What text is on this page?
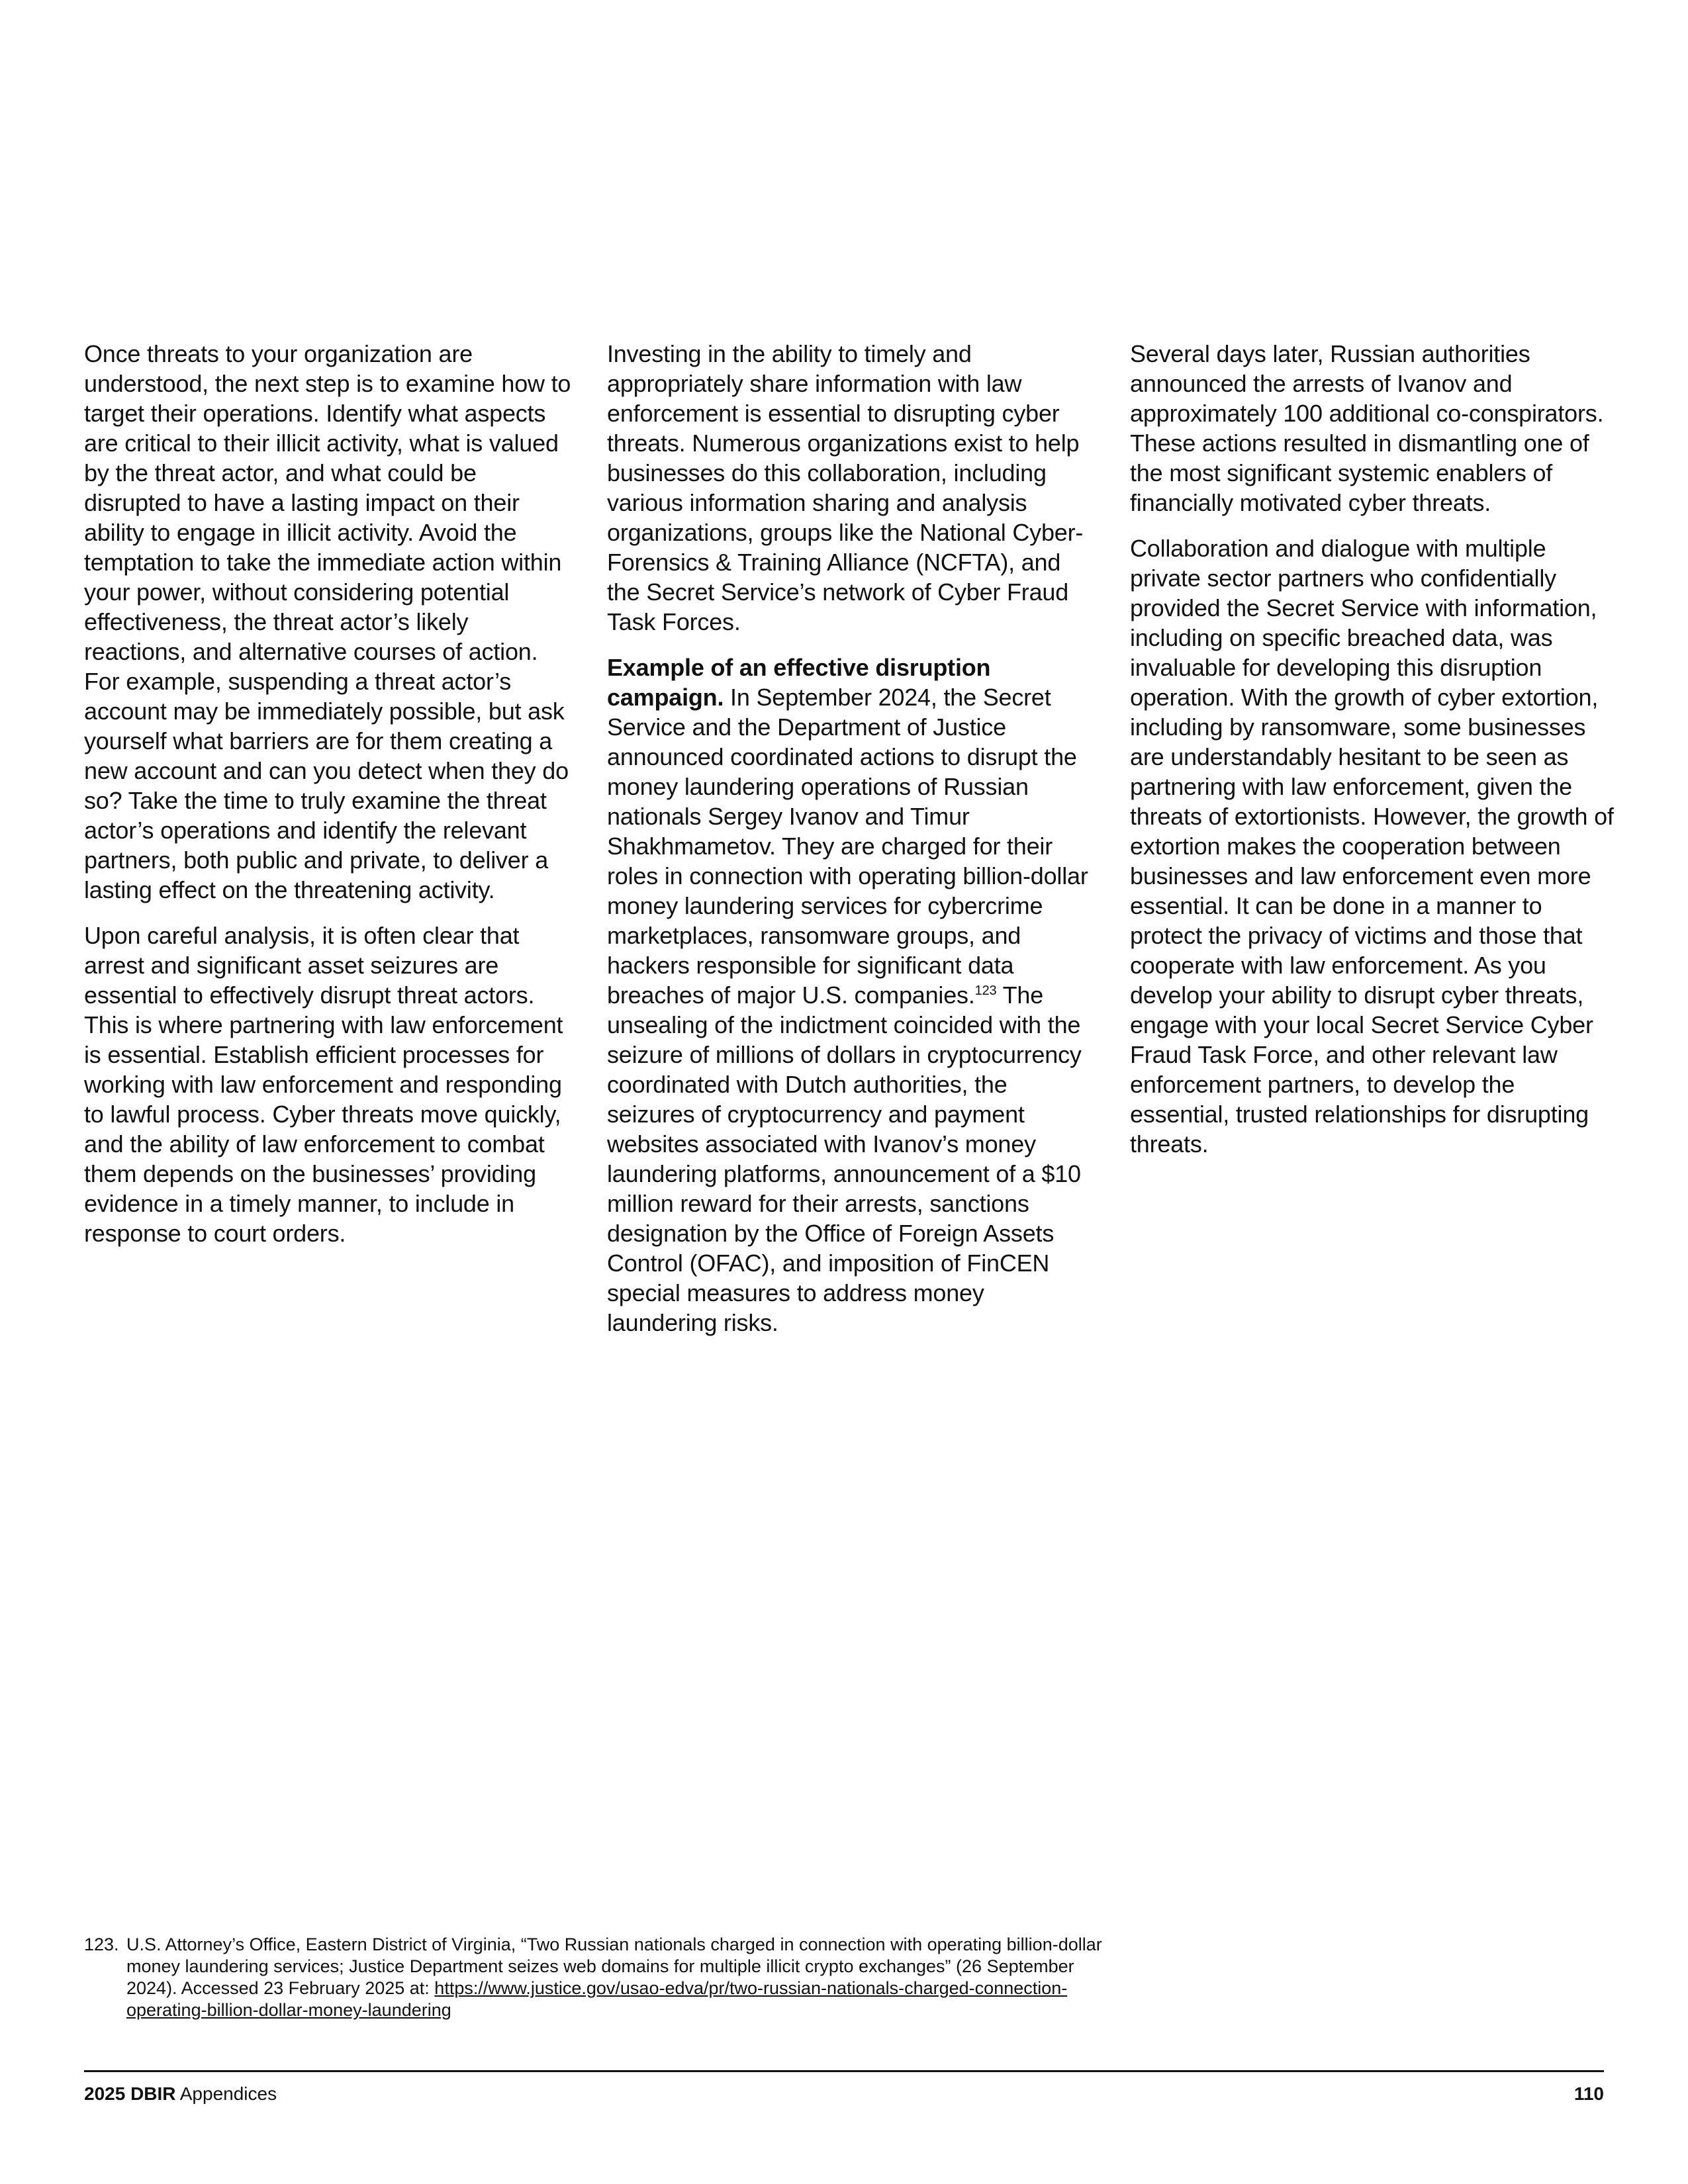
Once threats to your organization are understood, the next step is to examine how to target their operations. Identify what aspects are critical to their illicit activity, what is valued by the threat actor, and what could be disrupted to have a lasting impact on their ability to engage in illicit activity. Avoid the temptation to take the immediate action within your power, without considering potential effectiveness, the threat actor’s likely reactions, and alternative courses of action. For example, suspending a threat actor’s account may be immediately possible, but ask yourself what barriers are for them creating a new account and can you detect when they do so? Take the time to truly examine the threat actor’s operations and identify the relevant partners, both public and private, to deliver a lasting effect on the threatening activity.

Upon careful analysis, it is often clear that arrest and significant asset seizures are essential to effectively disrupt threat actors. This is where partnering with law enforcement is essential. Establish efficient processes for working with law enforcement and responding to lawful process. Cyber threats move quickly, and the ability of law enforcement to combat them depends on the businesses’ providing evidence in a timely manner, to include in response to court orders.

Investing in the ability to timely and appropriately share information with law enforcement is essential to disrupting cyber threats. Numerous organizations exist to help businesses do this collaboration, including various information sharing and analysis organizations, groups like the National Cyber-Forensics & Training Alliance (NCFTA), and the Secret Service’s network of Cyber Fraud Task Forces.

Example of an effective disruption campaign. In September 2024, the Secret Service and the Department of Justice announced coordinated actions to disrupt the money laundering operations of Russian nationals Sergey Ivanov and Timur Shakhmametov. They are charged for their roles in connection with operating billion-dollar money laundering services for cybercrime marketplaces, ransomware groups, and hackers responsible for significant data breaches of major U.S. companies.$^{123}$ The unsealing of the indictment coincided with the seizure of millions of dollars in cryptocurrency coordinated with Dutch authorities, the seizures of cryptocurrency and payment websites associated with Ivanov’s money laundering platforms, announcement of a $10 million reward for their arrests, sanctions designation by the Office of Foreign Assets Control (OFAC), and imposition of FinCEN special measures to address money laundering risks.

Several days later, Russian authorities announced the arrests of Ivanov and approximately 100 additional co-conspirators. These actions resulted in dismantling one of the most significant systemic enablers of financially motivated cyber threats.

Collaboration and dialogue with multiple private sector partners who confidentially provided the Secret Service with information, including on specific breached data, was invaluable for developing this disruption operation. With the growth of cyber extortion, including by ransomware, some businesses are understandably hesitant to be seen as partnering with law enforcement, given the threats of extortionists. However, the growth of extortion makes the cooperation between businesses and law enforcement even more essential. It can be done in a manner to protect the privacy of victims and those that cooperate with law enforcement. As you develop your ability to disrupt cyber threats, engage with your local Secret Service Cyber Fraud Task Force, and other relevant law enforcement partners, to develop the essential, trusted relationships for disrupting threats.

123. U.S. Attorney’s Office, Eastern District of Virginia, “Two Russian nationals charged in connection with operating billion-dollar money laundering services; Justice Department seizes web domains for multiple illicit crypto exchanges” (26 September 2024). Accessed 23 February 2025 at: https://www.justice.gov/usao-edva/pr/two-russian-nationals-charged-connection-operating-billion-dollar-money-laundering
2025 DBIR Appendices	110
